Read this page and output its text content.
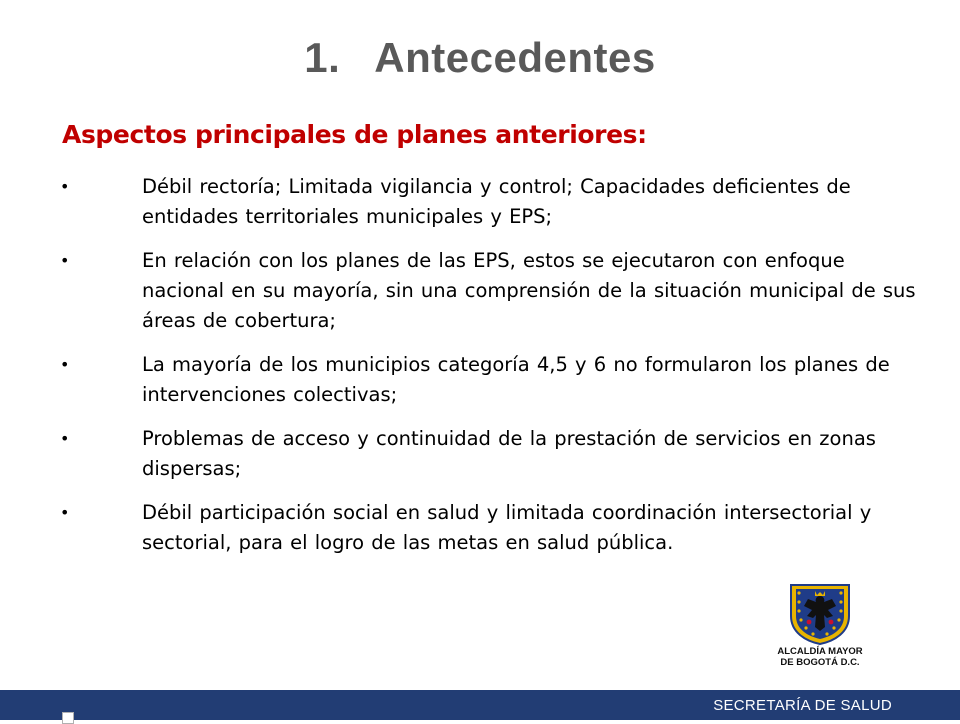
1. Antecedentes
Aspectos principales de planes anteriores:
•	Débil rectoría; Limitada vigilancia y control; Capacidades deficientes de entidades territoriales municipales y EPS;
•	En relación con los planes de las EPS, estos se ejecutaron con enfoque nacional en su mayoría, sin una comprensión de la situación municipal de sus áreas de cobertura;
•	La mayoría de los municipios categoría 4,5 y 6 no formularon los planes de intervenciones colectivas;
•	Problemas de acceso y continuidad de la prestación de servicios en zonas dispersas;
•	Débil participación social en salud y limitada coordinación intersectorial y sectorial, para el logro de las metas en salud pública.
ALCALDÍA MAYOR
DE BOGOTÁ D.C.
SECRETARÍA DE SALUD
